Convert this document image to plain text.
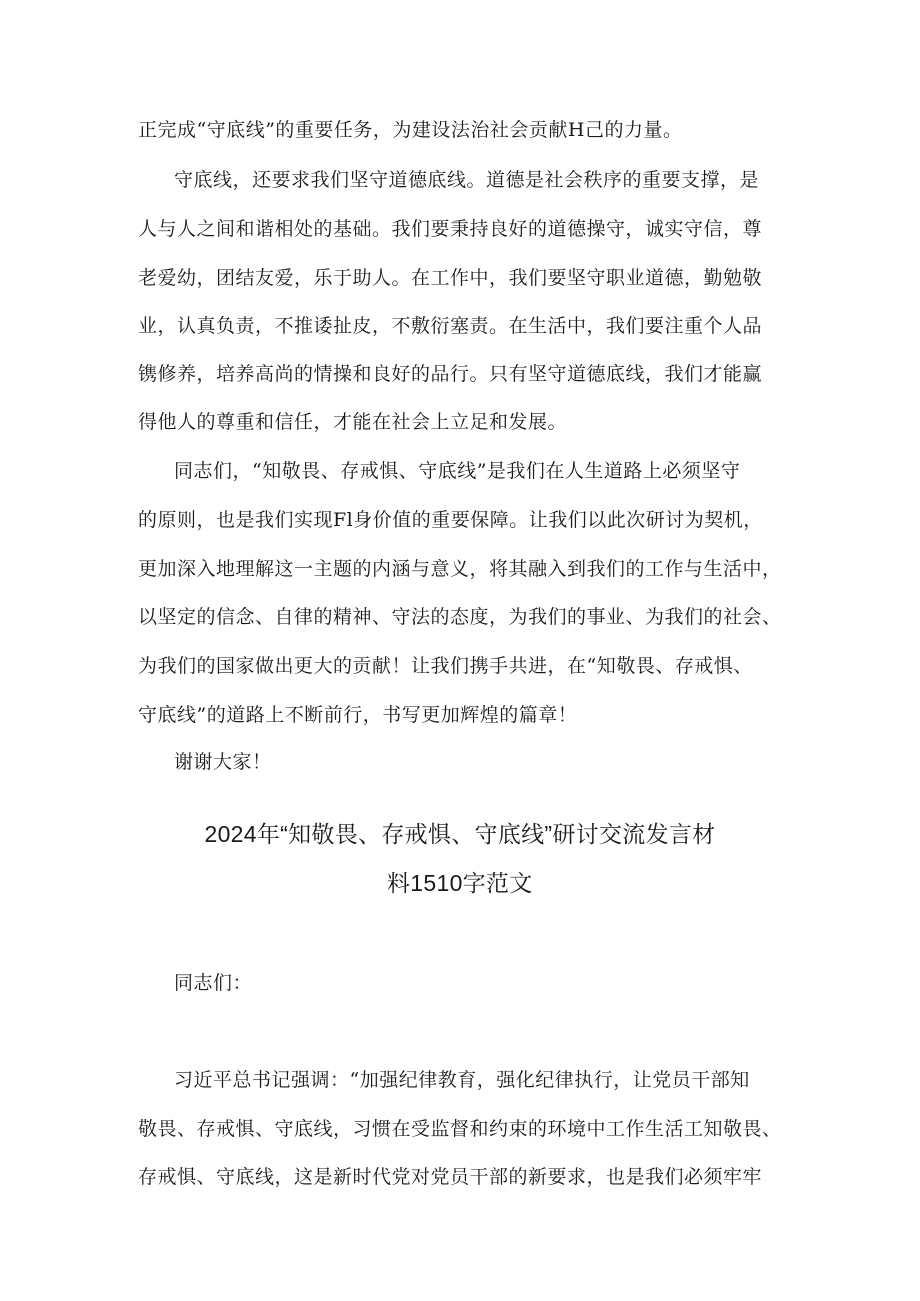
正完成“守底线”的重要任务，为建设法治社会贡献H己的力量。
守底线，还要求我们坚守道德底线。道德是社会秩序的重要支撑，是
人与人之间和谐相处的基础。我们要秉持良好的道德操守，诚实守信，尊
老爱幼，团结友爱，乐于助人。在工作中，我们要坚守职业道德，勤勉敬
业，认真负责，不推诿扯皮，不敷衍塞责。在生活中，我们要注重个人品
镌修养，培养高尚的情操和良好的品行。只有坚守道德底线，我们才能赢
得他人的尊重和信任，才能在社会上立足和发展。
同志们，“知敬畏、存戒惧、守底线”是我们在人生道路上必须坚守
的原则，也是我们实现Fl身价值的重要保障。让我们以此次研讨为契机，
更加深入地理解这一主题的内涵与意义，将其融入到我们的工作与生活中，
以坚定的信念、自律的精神、守法的态度，为我们的事业、为我们的社会、
为我们的国家做出更大的贡献！让我们携手共进，在“知敬畏、存戒惧、
守底线”的道路上不断前行，书写更加辉煌的篇章！
谢谢大家！
2024年“知敬畏、存戒惧、守底线”研讨交流发言材
料1510字范文
同志们：
习近平总书记强调：“加强纪律教育，强化纪律执行，让党员干部知
敬畏、存戒惧、守底线，习惯在受监督和约束的环境中工作生活工知敬畏、
存戒惧、守底线，这是新时代党对党员干部的新要求，也是我们必须牢牢
